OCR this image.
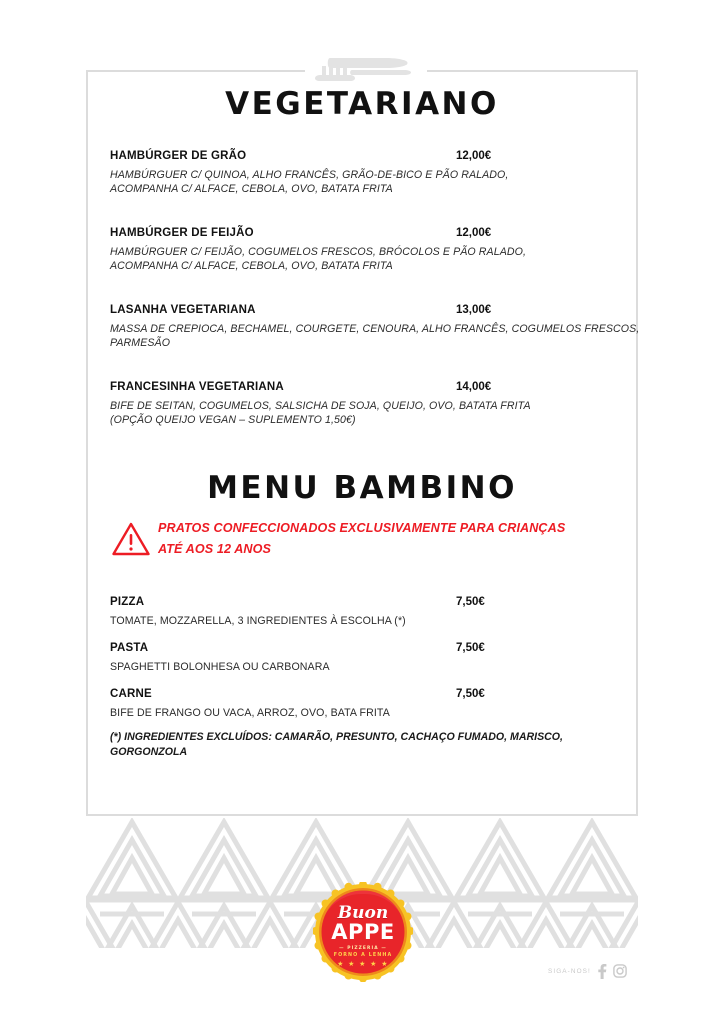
VEGETARIANO
HAMBÚRGER DE GRÃO	12,00€
HAMBÚRGUER C/ QUINOA, ALHO FRANCÊS, GRÃO-DE-BICO E PÃO RALADO,
ACOMPANHA C/ ALFACE, CEBOLA, OVO, BATATA FRITA
HAMBÚRGER DE FEIJÃO	12,00€
HAMBÚRGUER C/ FEIJÃO, COGUMELOS FRESCOS, BRÓCOLOS E PÃO RALADO,
ACOMPANHA C/ ALFACE, CEBOLA, OVO, BATATA FRITA
LASANHA VEGETARIANA	13,00€
MASSA DE CREPIOCA, BECHAMEL, COURGETE, CENOURA, ALHO FRANCÊS, COGUMELOS FRESCOS,
PARMESÃO
FRANCESINHA VEGETARIANA	14,00€
BIFE DE SEITAN, COGUMELOS, SALSICHA DE SOJA, QUEIJO, OVO, BATATA FRITA
(OPÇÃO QUEIJO VEGAN – SUPLEMENTO 1,50€)
MENU BAMBINO
PRATOS CONFECCIONADOS EXCLUSIVAMENTE PARA CRIANÇAS
ATÉ AOS 12 ANOS
PIZZA	7,50€
TOMATE, MOZZARELLA, 3 INGREDIENTES À ESCOLHA (*)
PASTA	7,50€
SPAGHETTI BOLONHESA OU CARBONARA
CARNE	7,50€
BIFE DE FRANGO OU VACA, ARROZ, OVO, BATA FRITA
(*) INGREDIENTES EXCLUÍDOS: CAMARÃO, PRESUNTO, CACHAÇO FUMADO, MARISCO,
GORGONZOLA
Buon
APPE
— PIZZERIA —
FORNO A LENHA
★ ★ ★ ★ ★
SIGA-NOS!
